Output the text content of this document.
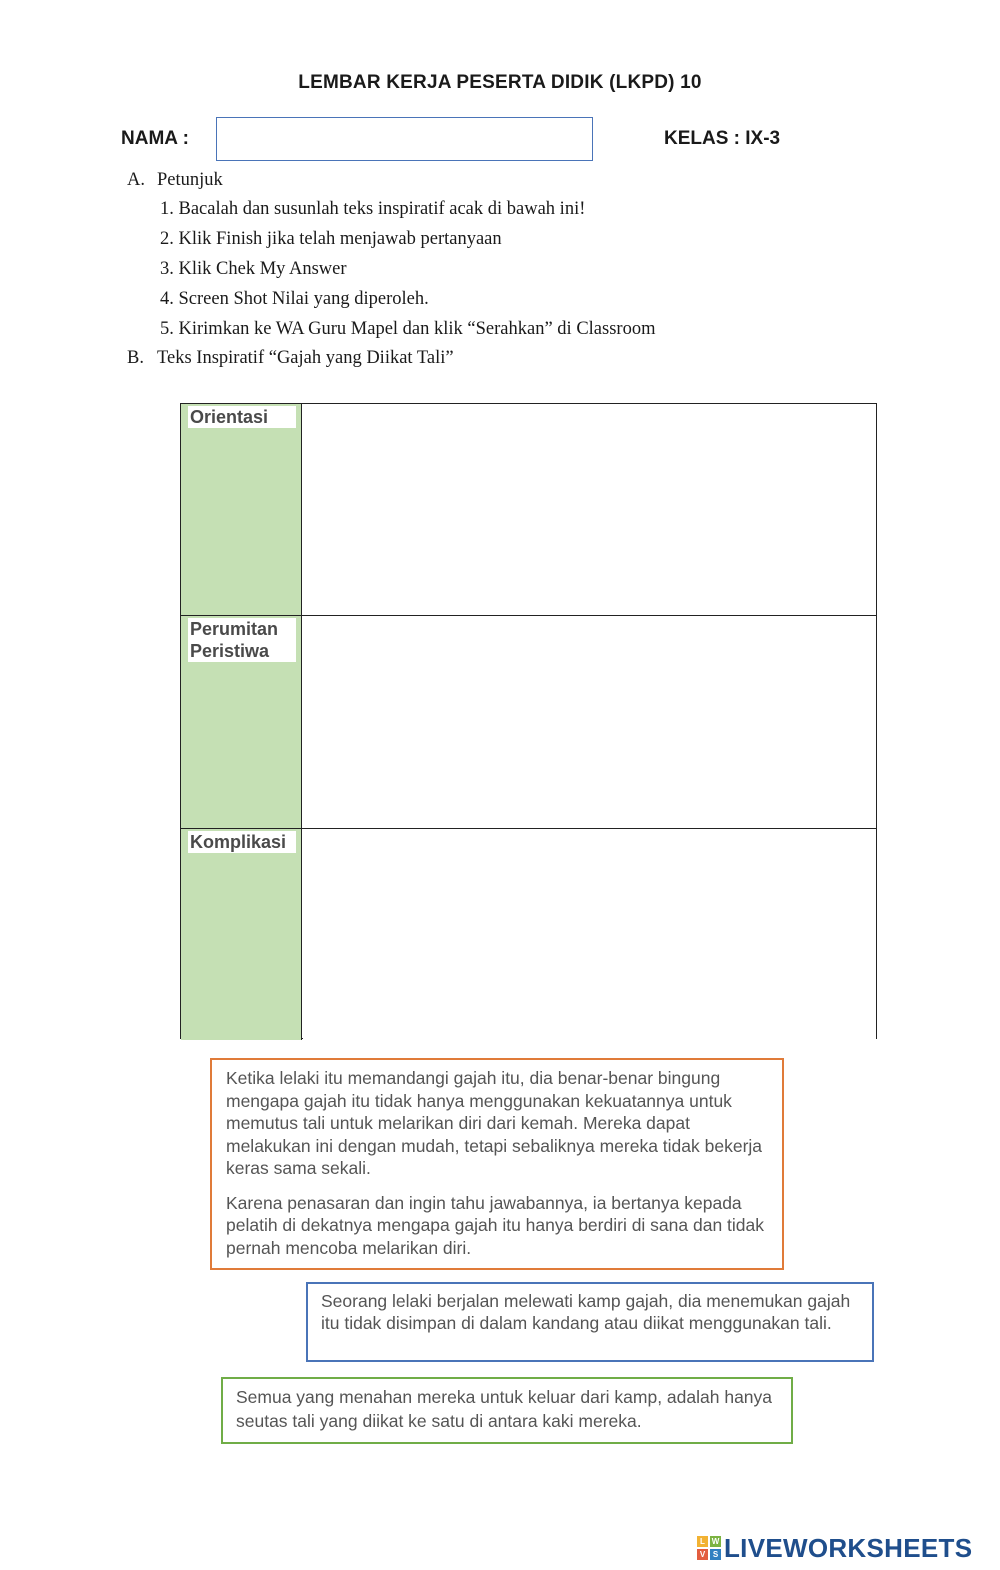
LEMBAR KERJA PESERTA DIDIK (LKPD) 10
NAMA :	KELAS : IX-3
A. Petunjuk
1. Bacalah dan susunlah teks inspiratif acak di bawah ini!
2. Klik Finish jika telah menjawab pertanyaan
3. Klik Chek My Answer
4. Screen Shot Nilai yang diperoleh.
5. Kirimkan ke WA Guru Mapel dan klik “Serahkan” di Classroom
B. Teks Inspiratif “Gajah yang Diikat Tali”
Orientasi
Perumitan Peristiwa
Komplikasi

Ketika lelaki itu memandangi gajah itu, dia benar-benar bingung mengapa gajah itu tidak hanya menggunakan kekuatannya untuk memutus tali untuk melarikan diri dari kemah. Mereka dapat melakukan ini dengan mudah, tetapi sebaliknya mereka tidak bekerja keras sama sekali.

Karena penasaran dan ingin tahu jawabannya, ia bertanya kepada pelatih di dekatnya mengapa gajah itu hanya berdiri di sana dan tidak pernah mencoba melarikan diri.

Seorang lelaki berjalan melewati kamp gajah, dia menemukan gajah itu tidak disimpan di dalam kandang atau diikat menggunakan tali.

Semua yang menahan mereka untuk keluar dari kamp, adalah hanya seutas tali yang diikat ke satu di antara kaki mereka.

L W
V S LIVEWORKSHEETS
